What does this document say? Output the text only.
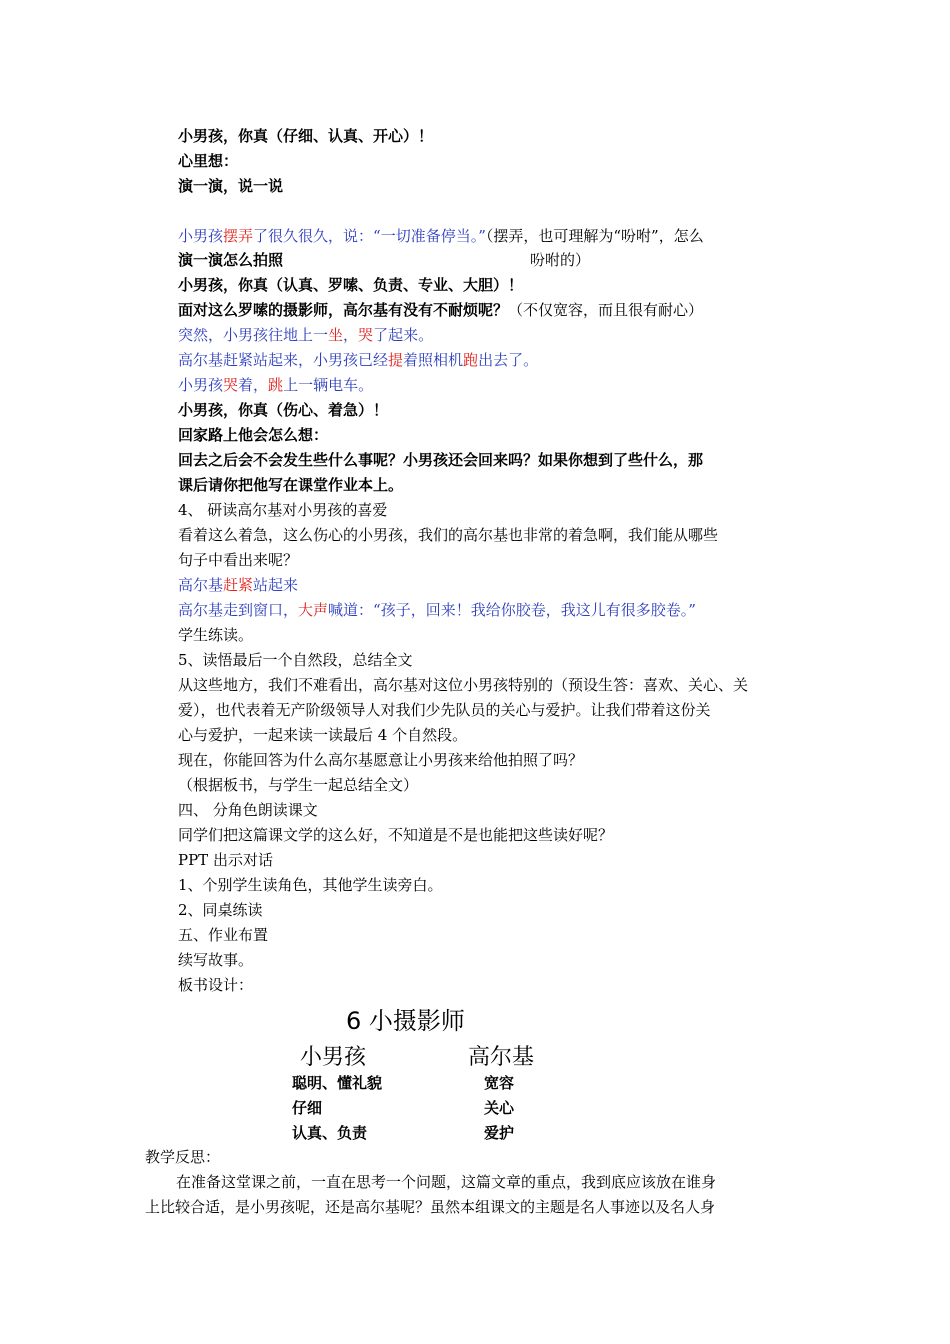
小男孩，你真（仔细、认真、开心）！
心里想：
演一演，说一说
小男孩摆弄了很久很久，说：“一切准备停当。”（摆弄，也可理解为“吩咐”，怎么
演一演怎么拍照	吩咐的）
小男孩，你真（认真、罗嗦、负责、专业、大胆）！
面对这么罗嗦的摄影师，高尔基有没有不耐烦呢？（不仅宽容，而且很有耐心）
突然，小男孩往地上一坐，哭了起来。
高尔基赶紧站起来，小男孩已经提着照相机跑出去了。
小男孩哭着，跳上一辆电车。
小男孩，你真（伤心、着急）！
回家路上他会怎么想：
回去之后会不会发生些什么事呢？小男孩还会回来吗？如果你想到了些什么，那
课后请你把他写在课堂作业本上。
4、 研读高尔基对小男孩的喜爱
看着这么着急，这么伤心的小男孩，我们的高尔基也非常的着急啊，我们能从哪些
句子中看出来呢？
高尔基赶紧站起来
高尔基走到窗口，大声喊道：“孩子，回来！我给你胶卷，我这儿有很多胶卷。”
学生练读。
5、读悟最后一个自然段，总结全文
从这些地方，我们不难看出，高尔基对这位小男孩特别的（预设生答：喜欢、关心、关
爱），也代表着无产阶级领导人对我们少先队员的关心与爱护。让我们带着这份关
心与爱护，一起来读一读最后 4 个自然段。
现在，你能回答为什么高尔基愿意让小男孩来给他拍照了吗？
（根据板书，与学生一起总结全文）
四、 分角色朗读课文
同学们把这篇课文学的这么好，不知道是不是也能把这些读好呢？
PPT 出示对话
1、个别学生读角色，其他学生读旁白。
2、同桌练读
五、作业布置
续写故事。
板书设计：
6 小摄影师
小男孩	高尔基
聪明、懂礼貌
仔细
认真、负责
宽容
关心
爱护
教学反思：
在准备这堂课之前，一直在思考一个问题，这篇文章的重点，我到底应该放在谁身
上比较合适，是小男孩呢，还是高尔基呢？虽然本组课文的主题是名人事迹以及名人身
